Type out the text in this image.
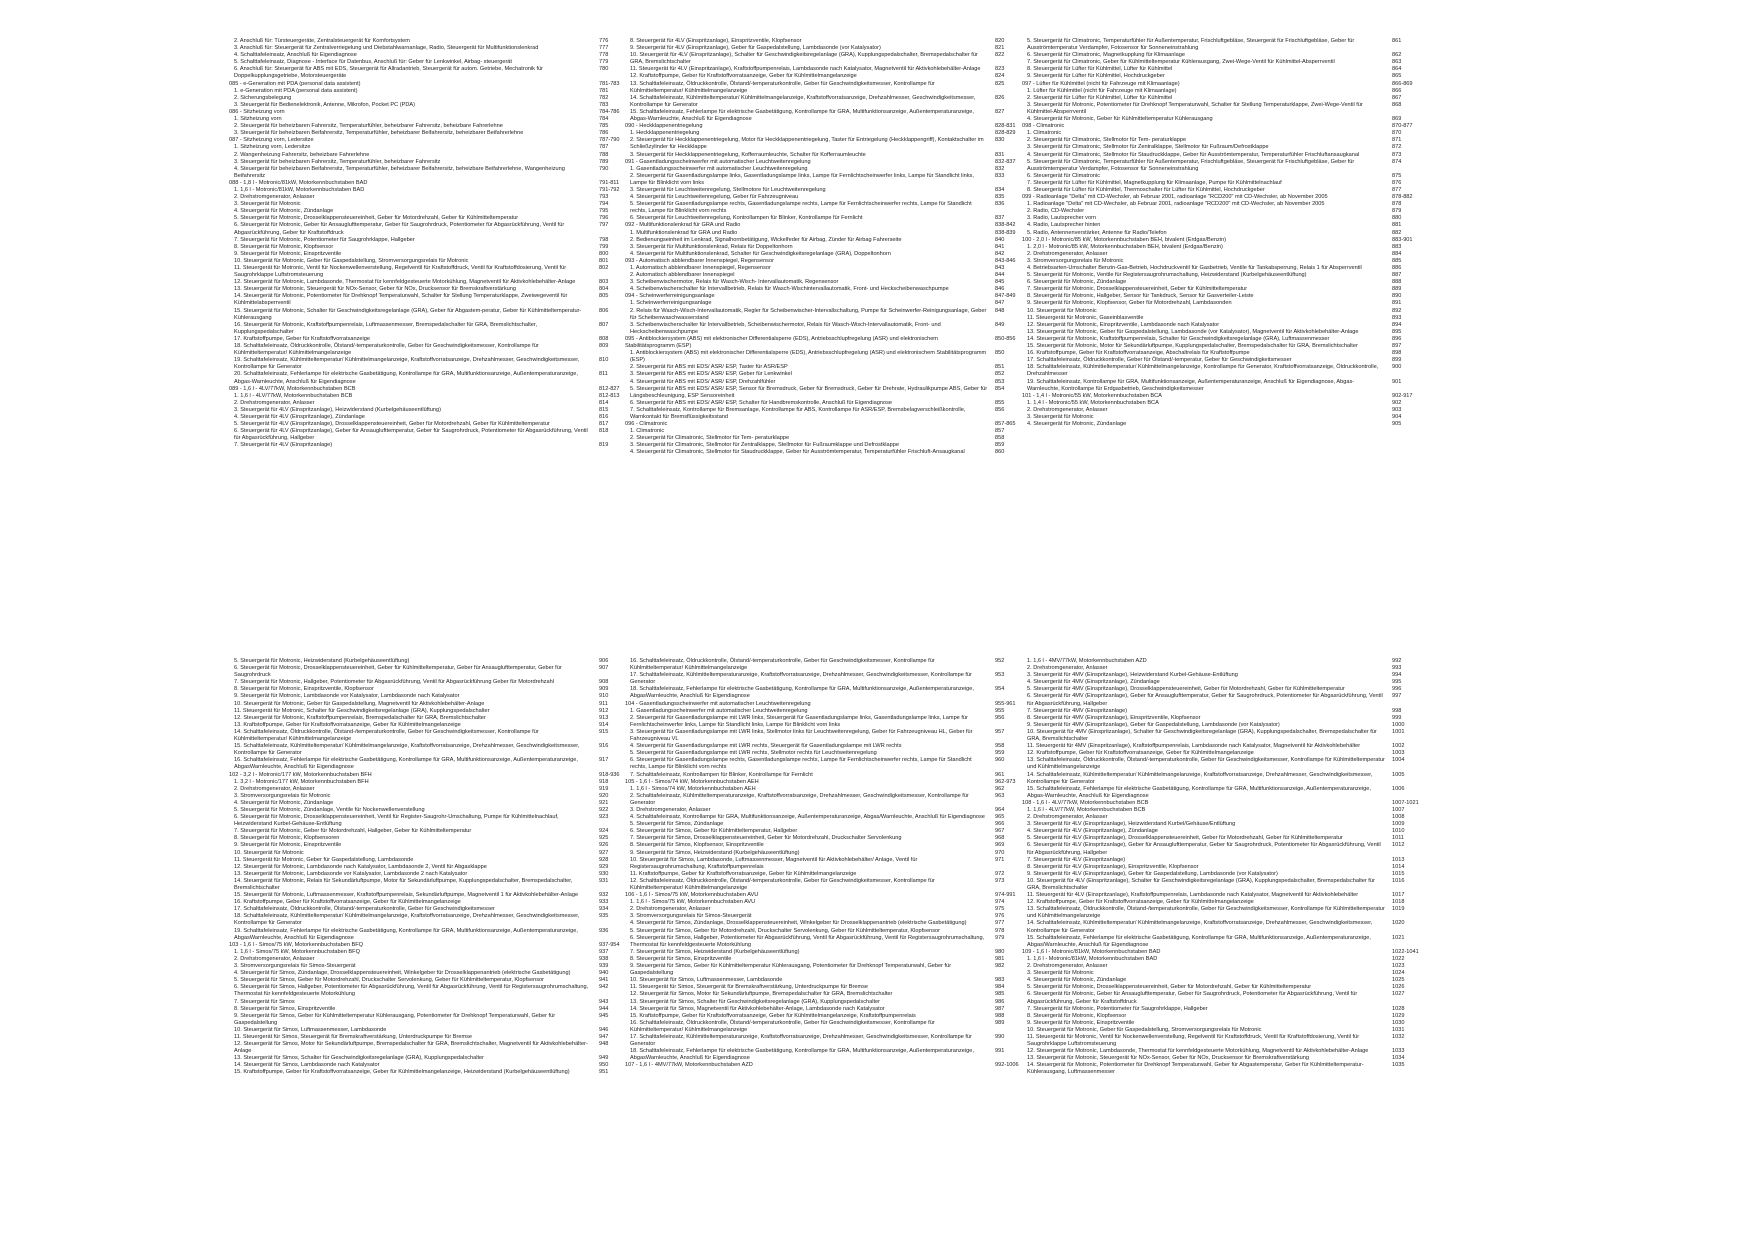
2. Anschluß für: Türsteuergeräte, Zentralsteuergerät für Komfortsystem	776
3. Anschluß für: Steuergerät für Zentralverriegelung und Diebstahlwarnanlage, Radio, Steuergerät für Multifunktionslenkrad	777
4. Schalttafeleinsatz, Anschluß für Eigendiagnose	778
5. Schalttafeleinsatz, Diagnose - Interface für Datenbus, Anschluß für: Geber für Lenkwinkel, Airbag- steuergerät	779
6. Anschluß für: Steuergerät für ABS mit EDS, Steuergerät für Allradantrieb, Steuergerät für autom. Getriebe, Mechatronik für Doppelkupplungsgetriebe, Motorsteuergeräte
780
085 - e-Generation mit PDA (personal data assistent)	781-783
1. e-Generation mit PDA (personal data assistent)	781
2. Sicherungsbelegung	782
3. Steuergerät für Bedienelektronik, Antenne, Mikrofon, Pocket PC (PDA)	783
086 - Sitzheizung vorn	784-786
1. Sitzheizung vorn	784
2. Steuergerät für beheizbaren Fahrersitz, Temperaturfühler, beheizbarer Fahrersitz, beheizbare Fahrerlehne	785
3. Steuergerät für beheizbaren Beifahrersitz, Temperaturfühler, beheizbarer Beifahrersitz, beheizbarer Beifahrerlehne	786
087 - Sitzheizung vorn, Ledersitze	787-790
1. Sitzheizung vorn, Ledersitze	787
2. Wangenheizung Fahrersitz, beheizbare Fahrerlehne	788
3. Steuergerät für beheizbaren Fahrersitz, Temperaturfühler, beheizbarer Fahrersitz	789
4. Steuergerät für beheizbaren Beifahrersitz, Temperaturfühler, beheizbarer Beifahrersitz, beheizbare Beifahrerlehne, Wangenheizung Beifahrersitz
790
088 - 1,8 l - Motronic/81kW, Motorkennbuchstaben BAD	791-811
1. 1,6 l - Motronic/81kW, Motorkennbuchstaben BAD	791-792
2. Drehstromgenerator, Anlasser	793
3. Steuergerät für Motronic	794
4. Steuergerät für Motronic, Zündanlage	795
5. Steuergerät für Motronic, Drosselklappensteuereinheit, Geber für Motordrehzahl, Geber für Kühlmitteltemperatur	796
6. Steuergerät für Motronic, Geber für Ansauglufttemperatur, Geber für Saugrohrdruck, Potentiometer für Abgasrückführung, Ventil für Abgasrückführung, Geber für Kraftstoffdruck
797
7. Steuergerät für Motronic, Potentiometer für Saugrohrklappe, Hallgeber	798
8. Steuergerät für Motronic, Klopfsensor	799
9. Steuergerät für Motronic, Einspritzventile	800
10. Steuergerät für Motronic, Geber für Gaspedalstellung, Stromversorgungsrelais für Motronic	801
11. Steuergerät für Motronic, Ventil für Nockenwellenverstellung, Regelventil für Kraftstoffdruck, Ventil für Kraftstoffdosierung, Ventil für Saugrohrklappe Luftstromsteuerung
802
12. Steuergerät für Motronic, Lambdasonde, Thermostat für kennfeldgesteuerte Motorkühlung, Magnetventil für Aktivkohlebehälter-Anlage	803
13. Steuergerät für Motronic, Steuergerät für NOx-Sensor, Geber für NOx, Drucksensor für Bremskraftverstärkung	804
14. Steuergerät für Motronic, Potentiometer für Drehknopf Temperaturwahl, Schalter für Stellung Temperaturklappe, Zweiwegeventil für Kühlmittelabsperrventil
805
15. Steuergerät für Motronic, Schalter für Geschwindigkeitsregelanlage (GRA), Geber für Abgastem-peratur, Geber für Kühlmitteltemperatur-Kühlerausgang
806
16. Steuergerät für Motronic, Kraftstoffpumpenrelais, Luftmassenmesser, Bremspedalschalter für GRA, Bremslichtschalter, Kupplungspedalschalter
807
17. Kraftstoffpumpe, Geber für Kraftstoffvorratsanzeige	808
18. Schalttafeleinsatz, Öldruckkontrolle, Ölstand/-temperaturkontrolle, Geber für Geschwindigkeitsmesser, Kontrollampe für Kühlmitteltemperatur/ Kühlmittelmangelanzeige
809
19. Schalttafeleinsatz, Kühlmitteltemperatur/ Kühlmittelmangelanzeige, Kraftstoffvorratsanzeige, Drehzahlmesser, Geschwindigkeitsmesser, Kontrollampe für Generator
810
20. Schalttafeleinsatz, Fehlerlampe für elektrische Gasbetätigung, Kontrollampe für GRA, Multifunktionsanzeige, Außentemperaturanzeige, Abgas-Warnleuchte, Anschluß für Eigendiagnose
811
089 - 1,6 l - 4LV/77kW, Motorkennbuchstaben BCB	812-827
1. 1,6 l - 4LV/77kW, Motorkennbuchstaben BCB	812-813
2. Drehstromgenerator, Anlasser	814
3. Steuergerät für 4LV (Einspritzanlage), Heizwiderstand (Kurbelgehäuseentlüftung)	815
4. Steuergerät für 4LV (Einspritzanlage), Zündanlage	816
5. Steuergerät für 4LV (Einspritzanlage), Drosselklappensteuereinheit, Geber für Motordrehzahl, Geber für Kühlmitteltemperatur	817
6. Steuergerät für 4LV (Einspritzanlage), Geber für Ansauglufttemperatur, Geber für Saugrohrdruck, Potentiometer für Abgasrückführung, Ventil für Abgasrückführung, Hallgeber
818
7. Steuergerät für 4LV (Einspritzanlage)	819
8. Steuergerät für 4LV (Einspritzanlage), Einspritzventile, Klopfsensor	820
9. Steuergerät für 4LV (Einspritzanlage), Geber für Gaspedalstellung, Lambdasonde (vor Katalysator)	821
10. Steuergerät für 4LV (Einspritzanlage), Schalter für Geschwindigkeitsregelanlage (GRA), Kupplungspedalschalter, Bremspedalschalter für GRA, Bremslichtschalter
822
11. Steuergerät für 4LV (Einspritzanlage), Kraftstoffpumpenrelais, Lambdasonde nach Katalysator, Magnetventil für Aktivkohlebehälter-Anlage	823
12. Kraftstoffpumpe, Geber für Kraftstoffvorratsanzeige, Geber für Kühlmittelmangelanzeige	824
13. Schalttafeleinsatz, Öldruckkontrolle, Ölstand/-temperaturkontrolle, Geber für Geschwindigkeitsmesser, Kontrollampe für Kühlmitteltemperatur/ Kühlmittelmangelanzeige
825
14. Schalttafeleinsatz, Kühlmitteltemperatur/ Kühlmittelmangelanzeige, Kraftstoffvorratsanzeige, Drehzahlmesser, Geschwindigkeitsmesser, Kontrollampe für Generator
826
15. Schalttafeleinsatz, Fehlerlampe für elektrische Gasbetätigung, Kontrollampe für GRA, Multifunktionsanzeige, Außentemperaturanzeige, Abgas-Warnleuchte, Anschluß für Eigendiagnose
827
090 - Heckklappenentriegelung	828-831
1. Heckklappenentriegelung	828-829
2. Steuergerät für Heckklappenentriegelung, Motor für Heckklappenentriegelung, Taster für Entriegelung (Heckklappengriff), Kontaktschalter im Schließzylinder für Heckklappe
830
3. Steuergerät für Heckklappenentriegelung, Kofferraumleuchte, Schalter für Kofferraumleuchte	831
091 - Gasentladungsscheinwerfer mit automatischer Leuchtweitenregelung	832-837
1. Gasentladungsscheinwerfer mit automatischer Leuchtweitenregelung	832
2. Steuergerät für Gasentladungslampe links, Gasentladungslampe links, Lampe für Fernlichtscheinwerfer links, Lampe für Standlicht links, Lampe für Blinklicht vorn links
833
3. Steuergerät für Leuchtweitenregelung, Stellmotore für Leuchtweitenregelung	834
4. Steuergerät für Leuchtweitenregelung, Geber für Fahrzeugniveau	835
5. Steuergerät für Gasentladungslampe rechts, Gasentladungslampe rechts, Lampe für Fernlichtscheinwerfer rechts, Lampe für Standlicht rechts, Lampe für Blinklicht vorn rechts
836
6. Steuergerät für Leuchtweitenregelung, Kontrollampen für Blinker, Kontrollampe für Fernlicht	837
092 - Multifunktionslenkrad für GRA und Radio	838-842
1. Multifunktionslenkrad für GRA und Radio	838-839
2. Bedienungseinheit im Lenkrad, Signalhornbetätigung, Wickelfeder für Airbag, Zünder für Airbag Fahrerseite	840
3. Steuergerät für Multifunktionslenkrad, Relais für Doppeltonhorn	841
4. Steuergerät für Multifunktionslenkrad, Schalter für Geschwindigkeitsregelanlage (GRA), Doppeltonhorn	842
093 - Automatisch abblendbarer Innenspiegel, Regensensor	843-846
1. Automatisch abblendbarer Innenspiegel, Regensensor	843
2. Automatisch abblendbarer Innenspiegel	844
3. Scheibenwischermotor, Relais für Wasch-Wisch- Intervallautomatik, Regensensor	845
4. Scheibenwischerschalter für Intervallbetrieb, Relais für Wasch-Wischintervallautomatik, Front- und Heckscheibenwaschpumpe	846
094 - Scheinwerferreinigungsanlage	847-849
1. Scheinwerferreinigungsanlage	847
2. Relais für Wasch-Wisch-Intervallautomatik, Regler für Scheibenwischer-Intervallschaltung, Pumpe für Scheinwerfer-Reinigungsanlage, Geber für Scheibenwaschwasserstand
848
3. Scheibenwischerschalter für Intervallbetrieb, Scheibenwischermotor, Relais für Wasch-Wisch-Intervallautomatik, Front- und Heckscheibenwaschpumpe
849
095 - Antiblockiersystem (ABS) mit elektronischer Differentialsperre (EDS), Antriebsschlupfregelung (ASR) und elektronischem Stabilitätsprogramm (ESP)
850-856
1. Antiblockiersystem (ABS) mit elektronischer Differentialsperre (EDS), Antriebsschlupfregelung (ASR) und elektronischem Stabilitätsprogramm (ESP)
850
2. Steuergerät für ABS mit EDS/ ASR/ ESP, Taster für ASR/ESP	851
3. Steuergerät für ABS mit EDS/ ASR/ ESP, Geber für Lenkwinkel	852
4. Steuergerät für ABS mit EDS/ ASR/ ESP, Drehzahlfühler	853
5. Steuergerät für ABS mit EDS/ ASR/ ESP, Sensor für Bremsdruck, Geber für Bremsdruck, Geber für Drehrate, Hydraulikpumpe ABS, Geber für Längsbeschleunigung, ESP Sensoreinheit
854
6. Steuergerät für ABS mit EDS/ ASR/ ESP, Schalter für Handbremskontrolle, Anschluß für Eigendiagnose	855
7. Schalttafeleinsatz, Kontrollampe für Bremsanlage, Kontrollampe für ABS, Kontrollampe für ASR/ESP, Bremsbelagverschleißkontrolle, Warnkontakt für Bremsflüssigkeitsstand
856
096 - Climatronic	857-865
1. Climatronic	857
2. Steuergerät für Climatronic, Stellmotor für Tem- peraturklappe	858
3. Steuergerät für Climatronic, Stellmotor für Zentralklappe, Stellmotor für Fußraumklappe und Defrostklappe	859
4. Steuergerät für Climatronic, Stellmotor für Staudruckklappe, Geber für Ausströmtemperatur, Temperaturfühler Frischluft-Ansaugkanal	860
5. Steuergerät für Climatronic, Temperaturfühler für Außentemperatur, Frischluftgebläse, Steuergerät für Frischluftgebläse, Geber für Ausströmtemperatur Verdampfer, Fotosensor für Sonneneinstrahlung
861
6. Steuergerät für Climatronic, Magnetkupplung für Klimaanlage	862
7. Steuergerät für Climatronic, Geber für Kühlmitteltemperatur Kühlerausgang, Zwei-Wege-Ventil für Kühlmittel-Absperrventil	863
8. Steuergerät für Lüfter für Kühlmittel, Lüfter für Kühlmittel	864
9. Steuergerät für Lüfter für Kühlmittel, Hochdruckgeber	865
097 - Lüfter für Kühlmittel (nicht für Fahrzeuge mit Klimaanlage)	866-869
1. Lüfter für Kühlmittel (nicht für Fahrzeuge mit Klimaanlage)	866
2. Steuergerät für Lüfter für Kühlmittel, Lüfter für Kühlmittel	867
3. Steuergerät für Motronic, Potentiometer für Drehknopf Temperaturwahl, Schalter für Stellung Temperaturklappe, Zwei-Wege-Ventil für Kühlmittel-Absperrventil
868
4. Steuergerät für Motronic, Geber für Kühlmitteltemperatur Kühlerausgang	869
098 - Climatronic	870-877
1. Climatronic	870
2. Steuergerät für Climatronic, Stellmotor für Tem- peraturklappe	871
3. Steuergerät für Climatronic, Stellmotor für Zentralklappe, Stellmotor für Fußraum/Defrostklappe	872
4. Steuergerät für Climatronic, Stellmotor für Staudruckklappe, Geber für Ausströmtemperatur, Temperaturfühler Frischluftansaugkanal	873
5. Steuergerät für Climatronic, Temperaturfühler für Außentemperatur, Frischluftgebläse, Steuergerät für Frischluftgebläse, Geber für Ausströmtemperatur Verdampfer, Fotosensor für Sonneneinstrahlung
874
6. Steuergerät für Climatronic	875
7. Steuergerät für Lüfter für Kühlmittel, Magnetkupplung für Klimaanlage, Pumpe für Kühlmittelnachlauf	876
8. Steuergerät für Lüfter für Kühlmittel, Thermoschalter für Lüfter für Kühlmittel, Hochdruckgeber	877
099 - Radioanlage "Delta" mit CD-Wechsler, ab Februar 2001, radioanlage "RCD200" mit CD-Wechsler, ab November 2005	878-882
1. Radioanlage "Delta" mit CD-Wechsler, ab Februar 2001, radioanlage "RCD200" mit CD-Wechsler, ab November 2005	878
2. Radio, CD-Wechsler	879
3. Radio, Lautsprecher vorn	880
4. Radio, Lautsprecher hinten	881
5. Radio, Antennenverstärker, Antenne für Radio/Telefon	882
100 - 2,0 l - Motronic/85 kW, Motorkennbuchstaben BEH, bivalent (Erdgas/Benzin)	883-901
1. 2,0 l - Motronic/85 kW, Motorkennbuchstaben BEH, bivalent (Erdgas/Benzin)	883
2. Drehstromgenerator, Anlasser	884
3. Stromversorgungsrelais für Motronic	885
4. Betriebsarten-Umschalter Benzin-Gas-Betrieb, Hochdruckventil für Gasbetrieb, Ventile für Tankabsperrung, Relais 1 für Absperrventil	886
5. Steuergerät für Motronic, Ventile für Registersaugrohrumschaltung, Heizwiderstand (Kurbelgehäuseentlüftung)	887
6. Steuergerät für Motronic, Zündanlage	888
7. Steuergerät für Motronic, Drosselklappensteuereinheit, Geber für Kühlmitteltemperatur	889
8. Steuergerät für Motronic, Hallgeber, Sensor für Tankdruck, Sensor für Gasverteiler-Leiste	890
9. Steuergerät für Motronic, Klopfsensor, Geber für Motordrehzahl, Lambdasonden	891
10. Steuergerät für Motronic	892
11. Steuergerät für Motronic, Gaseinblasventile	893
12. Steuergerät für Motronic, Einspritzventile, Lambdasonde nach Katalysator	894
13. Steuergerät für Motronic, Geber für Gaspedalstellung, Lambdasonde (vor Katalysator), Magnetventil für Aktivkohlebehälter-Anlage	895
14. Steuergerät für Motronic, Kraftstoffpumpenrelais, Schalter für Geschwindigkeitsregelanlage (GRA), Luftmassenmesser	896
15. Steuergerät für Motronic, Motor für Sekundärluftpumpe, Kupplungspedalschalter, Bremspedalschalter für GRA, Bremslichtschalter	897
16. Kraftstoffpumpe, Geber für Kraftstoffvorratsanzeige, Abschaltrelais für Kraftstoffpumpe	898
17. Schalttafeleinsatz, Öldruckkontrolle, Geber für Ölstand/-temperatur, Geber für Geschwindigkeitsmesser	899
18. Schalttafeleinsatz, Kühlmitteltemperatur/ Kühlmittelmangelanzeige, Kontrollampe für Generator, Kraftstoffvorratsanzeige, Öldruckkontrolle, Drehzahlmesser
900
19. Schalttafeleinsatz, Kontrollampe für GRA, Multifunktionsanzeige, Außentemperaturanzeige, Anschluß für Eigendiagnose, Abgas-Warnleuchte, Kontrollampe für Erdgasbetrieb, Geschwindigkeitsmesser
901
101 - 1,4 l - Motronic/55 kW, Motorkennbuchstaben BCA	902-917
1. 1,4 l - Motronic/55 kW, Motorkennbuchstaben BCA	902
2. Drehstromgenerator, Anlasser	903
3. Steuergerät für Motronic	904
4. Steuergerät für Motronic, Zündanlage	905
5. Steuergerät für Motronic, Heizwiderstand (Kurbelgehäuseentlüftung)	906
6. Steuergerät für Motronic, Drosselklappensteuereinheit, Geber für Kühlmitteltemperatur, Geber für Ansauglufttemperatur, Geber für Saugrohrdruck
907
7. Steuergerät für Motronic, Hallgeber, Potentiometer für Abgasrückführung, Ventil für Abgasrückführung Geber für Motordrehzahl	908
8. Steuergerät für Motronic, Einspritzventile, Klopfsensor	909
9. Steuergerät für Motronic, Lambdasonde vor Katalysator, Lambdasonde nach Katalysator	910
10. Steuergerät für Motronic, Geber für Gaspedalstellung, Magnetventil für Aktivkohlebehälter-Anlage	911
11. Steuergerät für Motronic, Schalter für Geschwindigkeitsregelanlage (GRA), Kupplungspedalschalter	912
12. Steuergerät für Motronic, Kraftstoffpumpenrelais, Bremspedalschalter für GRA, Bremslichtschalter	913
13. Kraftstoffpumpe, Geber für Kraftstoffvorratsanzeige, Geber für Kühlmittelmangelanzeige	914
14. Schalttafeleinsatz, Öldruckkontrolle, Ölstand-/temperaturkontrolle, Geber für Geschwindigkeitsmesser, Kontrollampe für Kühlmitteltemperatur/ Kühlmittelmangelanzeige
915
15. Schalttafeleinsatz, Kühlmitteltemperatur/ Kühlmittelmangelanzeige, Kraftstoffvorratsanzeige, Drehzahlmesser, Geschwindigkeitsmesser, Kontrollampe für Generator
916
16. Schalttafeleinsatz, Fehlerlampe für elektrische Gasbetätigung, Kontrollampe für GRA, Multifunktionsanzeige, Außentemperaturanzeige, AbgasWarnleuchte, Anschluß für Eigendiagnose
917
102 - 3,2 l - Motronic/177 kW, Motorkennbuchstaben BFH	918-936
1. 3,2 l - Motronic/177 kW, Motorkennbuchstaben BFH	918
2. Drehstromgenerator, Anlasser	919
3. Stromversorgungsrelais für Motronic	920
4. Steuergerät für Motronic, Zündanlage	921
5. Steuergerät für Motronic, Zündanlage, Ventile für Nockenwellenverstellung	922
6. Steuergerät für Motronic, Drosselklappensteuereinheit, Ventil für Register-Saugrohr-Umschaltung, Pumpe für Kühlmittelnachlauf, Heizwiderstand Kurbel-Gehäuse-Entlüftung
923
7. Steuergerät für Motronic, Geber für Motordrehzahl, Hallgeber, Geber für Kühlmitteltemperatur	924
8. Steuergerät für Motronic, Klopfsensoren	925
9. Steuergerät für Motronic, Einspritzventile	926
10. Steuergerät für Motronic	927
11. Steuergerät für Motronic, Geber für Gaspedalstellung, Lambdasonde	928
12. Steuergerät für Motronic, Lambdasonde nach Katalysator, Lambdasonde 2, Ventil für Abgasklappe	929
13. Steuergerät für Motronic, Lambdasonde vor Katalysator, Lambdasonde 2 nach Katalysator	930
14. Steuergerät für Motronic, Relais für Sekundärluftpumpe, Motor für Sekundärluftpumpe, Kupplungspedalschalter, Bremspedalschalter, Bremslichtschalter
931
15. Steuergerät für Motronic, Luftmassenmesser, Kraftstoffpumpenrelais, Sekundärluftpumpe, Magnetventil 1 für Aktivkohlebehälter-Anlage	932
16. Kraftstoffpumpe, Geber für Kraftstoffvorratsanzeige, Geber für Kühlmittelmangelanzeige	933
17. Schalttafeleinsatz, Öldruckkontrolle, Ölstand/-temperaturkontrolle, Geber für Geschwindigkeitsmesser	934
18. Schalttafeleinsatz, Kühlmitteltemperatur/ Kühlmittelmangelanzeige, Kraftstoffvorratsanzeige, Drehzahlmesser, Geschwindigkeitsmesser, Kontrollampe für Generator
935
19. Schalttafeleinsatz, Fehlerlampe für elektrische Gasbetätigung, Kontrollampe für GRA, Multifunktionsanzeige, Außentemperaturanzeige, AbgasWarnleuchte, Anschluß für Eigendiagnose
936
103 - 1,6 l - Simos/75 kW, Motorkennbuchstaben BFQ	937-954
1. 1,6 l - Simos/75 kW, Motorkennbuchstaben BFQ	937
2. Drehstromgenerator, Anlasser	938
3. Stromversorgungsrelais für Simos-Steuergerät	939
4. Steuergerät für Simos, Zündanlage, Drosselklappensteuereinheit, Winkelgeber für Drosselklappenantrieb (elektrische Gasbetätigung)	940
5. Steuergerät für Simos, Geber für Motordrehzahl, Druckschalter Servolenkung, Geber für Kühlmitteltemperatur, Klopfsensor	941
6. Steuergerät für Simos, Hallgeber, Potentiometer für Abgasrückführung, Ventil für Abgasrückführung, Ventil für Registersaugrohrumschaltung, Thermostat für kennfeldgesteuerte Motorkühlung
942
7. Steuergerät für Simos	943
8. Steuergerät für Simos, Einspritzventile	944
9. Steuergerät für Simos, Geber für Kühlmitteltemperatur Kühlerausgang, Potentiometer für Drehknopf Temperaturwahl, Geber für Gaspedalstellung
945
10. Steuergerät für Simos, Luftmassenmesser, Lambdasonde	946
11. Steuergerät für Simos, Steuergerät für Bremskraftverstärkung, Unterdruckpumpe für Bremse	947
12. Steuergerät für Simos, Motor für Sekundärluftpumpe, Bremspedalschalter für GRA, Bremslichtschalter, Magnetventil für Aktivkohlebehälter-Anlage
948
13. Steuergerät für Simos, Schalter für Geschwindigkeitsregelanlage (GRA), Kupplungspedalschalter	949
14. Steuergerät für Simos, Lambdasonde nach Katalysator	950
15. Kraftstoffpumpe, Geber für Kraftstoffvorratsanzeige, Geber für Kühlmittelmangelanzeige, Heizwiderstand (Kurbelgehäuseentlüftung)	951
16. Schalttafeleinsatz, Öldruckkontrolle, Ölstand/-temperaturkontrolle, Geber für Geschwindigkeitsmesser, Kontrollampe für Kühlmitteltemperatur/ Kühlmittelmangelanzeige
952
17. Schalttafeleinsatz, Kühlmitteltemperaturanzeige, Kraftstoffvorratsanzeige, Drehzahlmesser, Geschwindigkeitsmesser, Kontrollampe für Generator
953
18. Schalttafeleinsatz, Fehlerlampe für elektrische Gasbetätigung, Kontrollampe für GRA, Multifunktionsanzeige, Außentemperaturanzeige, AbgasWarnleuchte, Anschluß für Eigendiagnose
954
104 - Gasentladungsscheinwerfer mit automatischer Leuchtweitenregelung	955-961
1. Gasentladungsscheinwerfer mit automatischer Leuchtweitenregelung	955
2. Steuergerät für Gasentladungslampe mit LWR links, Steuergerät für Gasentladungslampe links, Gasentladungslampe links, Lampe für Fernlichtscheinwerfer links, Lampe für Standlicht links, Lampe für Blinklicht vorn links
956
3. Steuergerät für Gasentladungslampe mit LWR links, Stellmotor links für Leuchtweitenregelung, Geber für Fahrzeugniveau HL, Geber für Fahrzeugniveau VL
957
4. Steuergerät für Gasentladungslampe mit LWR rechts, Steuergerät für Gasentladungslampe mit LWR rechts	958
5. Steuergerät für Gasentladungslampe mit LWR rechts, Stellmotor rechts für Leuchtweitenregelung	959
6. Steuergerät für Gasentladungslampe rechts, Gasentladungslampe rechts, Lampe für Fernlichtscheinwerfer rechts, Lampe für Standlicht rechts, Lampe für Blinklicht vorn rechts
960
7. Schalttafeleinsatz, Kontrollampen für Blinker, Kontrollampe für Fernlicht	961
105 - 1,6 l - Simos/74 kW, Motorkennbuchstaben AEH	962-973
1. 1,6 l - Simos/74 kW, Motorkennbuchstaben AEH	962
2. Schalttafeleinsatz, Kühlmitteltemperaturanzeige, Kraftstoffvorratsanzeige, Drehzahlmesser, Geschwindigkeitsmesser, Kontrollampe für Generator
963
3. Drehstromgenerator, Anlasser	964
4. Schalttafeleinsatz, Kontrollampe für GRA, Multifunktionsanzeige, Außentemperaturanzeige, Abgas/Warnleuchte, Anschluß für Eigendiagnose	965
5. Steuergerät für Simos, Zündanlage	966
6. Steuergerät für Simos, Geber für Kühlmitteltemperatur, Hallgeber	967
7. Steuergerät für Simos, Drosselklappensteuereinheit, Geber für Motordrehzahl, Druckschalter Servolenkung	968
8. Steuergerät für Simos, Klopfsensor, Einspritzventile	969
9. Steuergerät für Simos, Heizwiderstand (Kurbelgehäuseentlüftung)	970
10. Steuergerät für Simos, Lambdasonde, Luftmassenmesser, Magnetventil für Aktivkohlebehälter/ Anlage, Ventil für Registersaugrohrumschaltung, Kraftstoffpumpenrelais
971
11. Kraftstoffpumpe, Geber für Kraftstoffvorratsanzeige, Geber für Kühlmittelmangelanzeige	972
12. Schalttafeleinsatz, Öldruckkontrolle, Ölstand/-temperaturkontrolle, Geber für Geschwindigkeitsmesser, Kontrollampe für Kühlmitteltemperatur/ Kühlmittelmangelanzeige
973
106 - 1,6 l - Simos/75 kW, Motorkennbuchstaben AVU	974-991
1. 1,6 l - Simos/75 kW, Motorkennbuchstaben AVU	974
2. Drehstromgenerator, Anlasser	975
3. Stromversorgungsrelais für Simos-Steuergerät	976
4. Steuergerät für Simos, Zündanlage, Drosselklappensteuereinheit, Winkelgeber für Drosselklappenantrieb (elektrische Gasbetätigung)	977
5. Steuergerät für Simos, Geber für Motordrehzahl, Druckschalter Servolenkung, Geber für Kühlmitteltemperatur, Klopfsensor	978
6. Steuergerät für Simos, Hallgeber, Potentiometer für Abgasrückführung, Ventil für Abgasrückführung, Ventil für Registersaugrohrumschaltung, Thermostat für kennfeldgesteuerte Motorkühlung
979
7. Steuergerät für Simos, Heizwiderstand (Kurbelgehäuseentlüftung)	980
8. Steuergerät für Simos, Einspritzventile	981
9. Steuergerät für Simos, Geber für Kühlmitteltemperatur Kühlerausgang, Potentiometer für Drehknopf Temperaturwahl, Geber für Gaspedalstellung
982
10. Steuergerät für Simos, Luftmassenmesser, Lambdasonde	983
11. Steuergerät für Simos, Steuergerät für Bremskraftverstärkung, Unterdruckpumpe für Bremse	984
12. Steuergerät für Simos, Motor für Sekundärluftpumpe, Bremspedalschalter für GRA, Bremslichtschalter	985
13. Steuergerät für Simos, Schalter für Geschwindigkeitsregelanlage (GRA), Kupplungspedalschalter	986
14. Steuergerät für Simos, Magnetventil für Aktivkohlebehälter-Anlage, Lambdasonde nach Katalysator	987
15. Kraftstoffpumpe, Geber für Kraftstoffvorratsanzeige, Geber für Kühlmittelmangelanzeige, Kraftstoffpumpenrelais	988
16. Schalttafeleinsatz, Öldruckkontrolle, Ölstand/-temperaturkontrolle, Geber für Geschwindigkeitsmesser, Kontrollampe für Kühlmitteltemperatur/ Kühlmittelmangelanzeige
989
17. Schalttafeleinsatz, Kühlmitteltemperaturanzeige, Kraftstoffvorratsanzeige, Drehzahlmesser, Geschwindigkeitsmesser, Kontrollampe für Generator
990
18. Schalttafeleinsatz, Fehlerlampe für elektrische Gasbetätigung, Kontrollampe für GRA, Multifunktionsanzeige, Außentemperaturanzeige, AbgasWarnleuchte, Anschluß für Eigendiagnose
991
107 - 1,6 l - 4MV/77kW, Motorkennbuchstaben AZD	992-1006
1. 1,6 l - 4MV/77kW, Motorkennbuchstaben AZD	992
2. Drehstromgenerator, Anlasser	993
3. Steuergerät für 4MV (Einspritzanlage), Heizwiderstand Kurbel-Gehäuse-Entlüftung	994
4. Steuergerät für 4MV (Einspritzanlage), Zündanlage	995
5. Steuergerät für 4MV (Einspritzanlage), Drosselklappensteuereinheit, Geber für Motordrehzahl, Geber für Kühlmitteltemperatur	996
6. Steuergerät für 4MV (Einspritzanlage), Geber für Ansauglufttemperatur, Geber für Saugrohrdruck, Potentiometer für Abgasrückführung, Ventil für Abgasrückführung, Hallgeber
997
7. Steuergerät für 4MV (Einspritzanlage)	998
8. Steuergerät für 4MV (Einspritzanlage), Einspritzventile, Klopfsensor	999
9. Steuergerät für 4MV (Einspritzanlage), Geber für Gaspedalstellung, Lambdasonde (vor Katalysator)	1000
10. Steuergerät für 4MV (Einspritzanlage), Schalter für Geschwindigkeitsregelanlage (GRA), Kupplungspedalschalter, Bremspedalschalter für GRA, Bremslichtschalter
1001
11. Steuergerät für 4MV (Einspritzanlage), Kraftstoffpumpenrelais, Lambdasonde nach Katalysator, Magnetventil für Aktivkohlebehälter	1002
12. Kraftstoffpumpe, Geber für Kraftstoffvorratsanzeige, Geber für Kühlmittelmangelanzeige	1003
13. Schalttafeleinsatz, Öldruckkontrolle, Ölstand/-temperaturkontrolle, Geber für Geschwindigkeitsmesser, Kontrollampe für Kühlmitteltemperatur und Kühlmittelmangelanzeige
1004
14. Schalttafeleinsatz, Kühlmitteltemperatur/ Kühlmittelmangelanzeige, Kraftstoffvorratsanzeige, Drehzahlmesser, Geschwindigkeitsmesser, Kontrollampe für Generator
1005
15. Schalttafeleinsatz, Fehlerlampe für elektrische Gasbetätigung, Kontrollampe für GRA, Multifunktionsanzeige, Außentemperaturanzeige, Abgas-Warnleuchte, Anschluß für Eigendiagnose
1006
108 - 1,6 l - 4LV/77kW, Motorkennbuchstaben BCB	1007-1021
1. 1,6 l - 4LV/77kW, Motorkennbuchstaben BCB	1007
2. Drehstromgenerator, Anlasser	1008
3. Steuergerät für 4LV (Einspritzanlage), Heizwiderstand Kurbel/Gehäuse/Entlüftung	1009
4. Steuergerät für 4LV (Einspritzanlage), Zündanlage	1010
5. Steuergerät für 4LV (Einspritzanlage), Drosselklappensteuereinheit, Geber für Motordrehzahl, Geber für Kühlmitteltemperatur	1011
6. Steuergerät für 4LV (Einspritzanlage), Geber für Ansauglufttemperatur, Geber für Saugrohrdruck, Potentiometer für Abgasrückführung, Ventil für Abgasrückführung, Hallgeber
1012
7. Steuergerät für 4LV (Einspritzanlage)	1013
8. Steuergerät für 4LV (Einspritzanlage), Einspritzventile, Klopfsensor	1014
9. Steuergerät für 4LV (Einspritzanlage), Geber für Gaspedalstellung, Lambdasonde (vor Katalysator)	1015
10. Steuergerät für 4LV (Einspritzanlage), Schalter für Geschwindigkeitsregelanlage (GRA), Kupplungspedalschalter, Bremspedalschalter für GRA, Bremslichtschalter
1016
11. Steuergerät für 4LV (Einspritzanlage), Kraftstoffpumpenrelais, Lambdasonde nach Katalysator, Magnetventil für Aktivkohlebehälter	1017
12. Kraftstoffpumpe, Geber für Kraftstoffvorratsanzeige, Geber für Kühlmittelmangelanzeige	1018
13. Schalttafeleinsatz, Öldruckkontrolle, Ölstand-/temperaturkontrolle, Geber für Geschwindigkeitsmesser, Kontrollampe für Kühlmitteltemperatur und Kühlmittelmangelanzeige
1019
14. Schalttafeleinsatz, Kühlmitteltemperatur/ Kühlmittelmangelanzeige, Kraftstoffvorratsanzeige, Drehzahlmesser, Geschwindigkeitsmesser, Kontrollampe für Generator
1020
15. Schalttafeleinsatz, Fehlerlampe für elektrische Gasbetätigung, Kontrollampe für GRA, Multifunktionsanzeige, Außentemperaturanzeige, Abgas/Warnleuchte, Anschluß für Eigendiagnose
1021
109 - 1,6 l - Motronic/81kW, Motorkennbuchstaben BAD	1022-1041
1. 1,6 l - Motronic/81kW, Motorkennbuchstaben BAD	1022
2. Drehstromgenerator, Anlasser	1023
3. Steuergerät für Motronic	1024
4. Steuergerät für Motronic, Zündanlage	1025
5. Steuergerät für Motronic, Drosselklappensteuereinheit, Geber für Motordrehzahl, Geber für Kühlmitteltemperatur	1026
6. Steuergerät für Motronic, Geber für Ansauglufttemperatur, Geber für Saugrohrdruck, Potentiometer für Abgasrückführung, Ventil für Abgasrückführung, Geber für Kraftstoffdruck
1027
7. Steuergerät für Motronic, Potentiometer für Saugrohrklappe, Hallgeber	1028
8. Steuergerät für Motronic, Klopfsensor	1029
9. Steuergerät für Motronic, Einspritzventile	1030
10. Steuergerät für Motronic, Geber für Gaspedalstellung, Stromversorgungsrelais für Motronic	1031
11. Steuergerät für Motronic, Ventil für Nockenwellenverstellung, Regelventil für Kraftstoffdruck, Ventil für Kraftstoffdosierung, Ventil für Saugrohrklappe Luftstromsteuerung
1032
12. Steuergerät für Motronic, Lambdasonde, Thermostat für kennfeldgesteuerte Motorkühlung, Magnetventil für Aktivkohlebehälter-Anlage	1033
13. Steuergerät für Motronic, Steuergerät für NOx-Sensor, Geber für NOx, Drucksensor für Bremskraftverstärkung	1034
14. Steuergerät für Motronic, Potentiometer für Drehknopf Temperaturwahl, Geber für Abgastemperatur, Geber für Kühlmitteltemperatur-Kühlerausgang, Luftmassenmesser
1035
